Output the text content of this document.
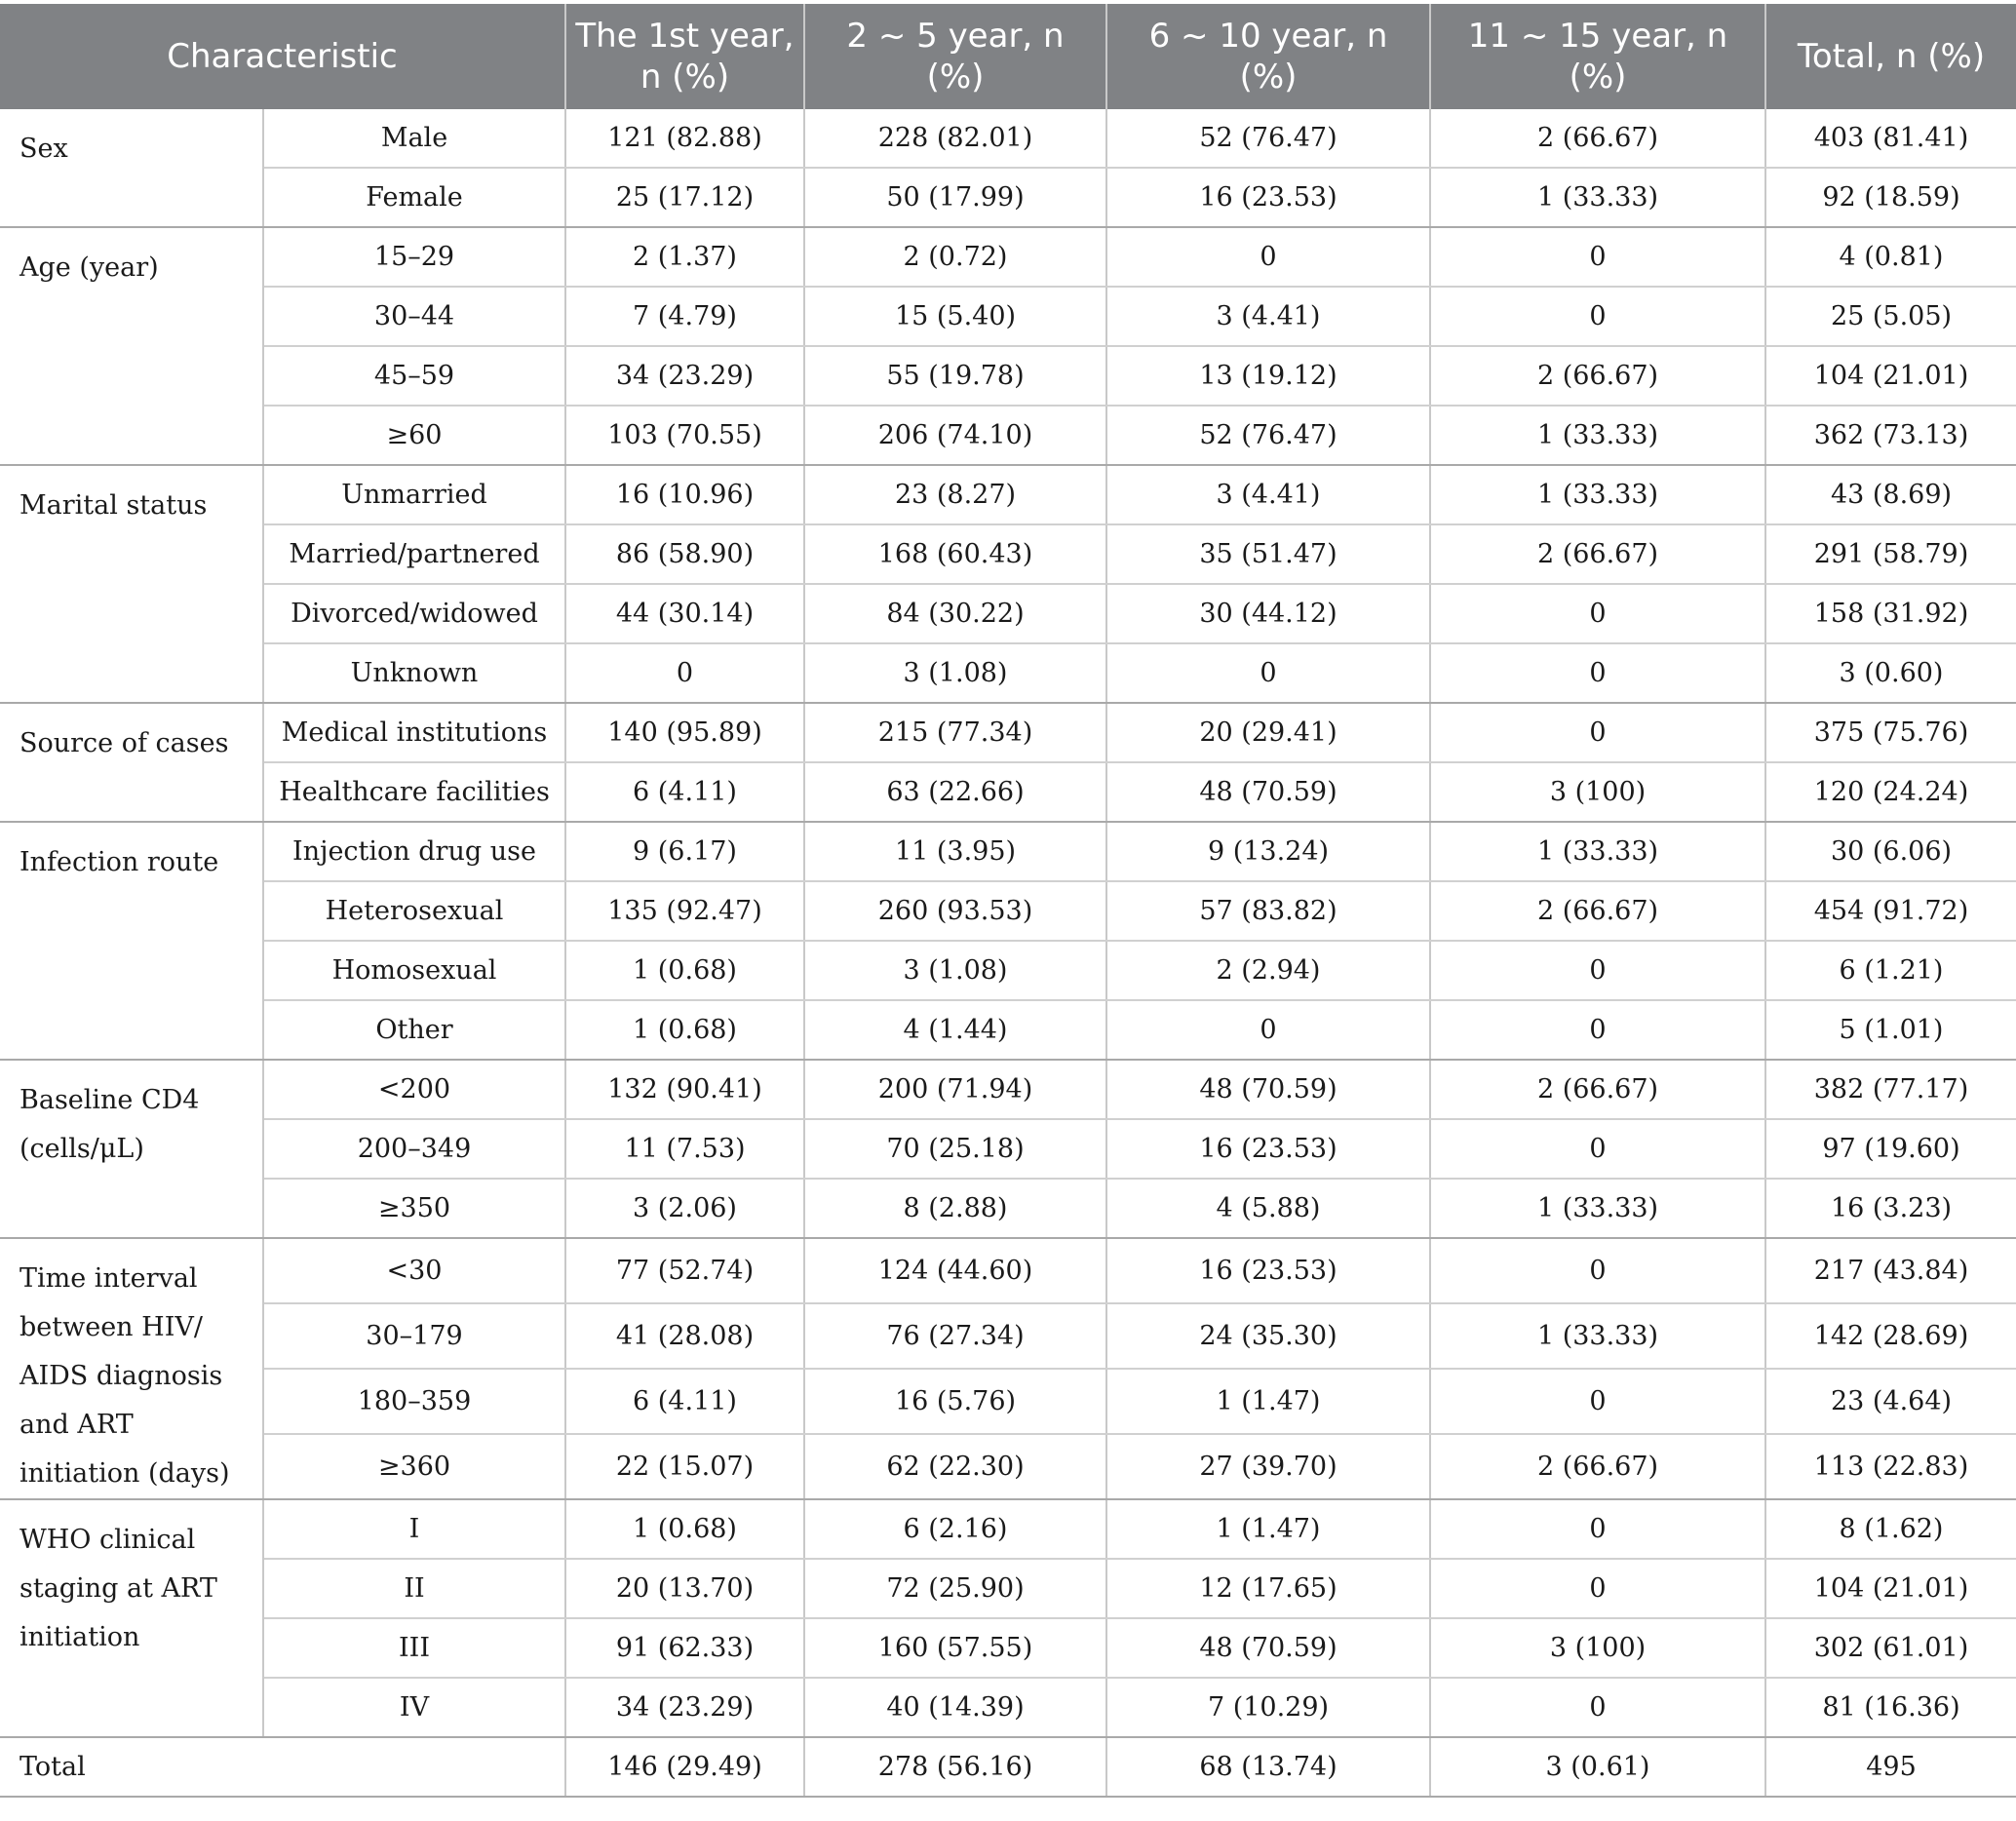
Characteristic		The 1st year, n (%)	2 ~ 5 year, n (%)	6 ~ 10 year, n (%)	11 ~ 15 year, n (%)	Total, n (%)
Sex	Male	121 (82.88)	228 (82.01)	52 (76.47)	2 (66.67)	403 (81.41)
	Female	25 (17.12)	50 (17.99)	16 (23.53)	1 (33.33)	92 (18.59)
Age (year)	15–29	2 (1.37)	2 (0.72)	0	0	4 (0.81)
	30–44	7 (4.79)	15 (5.40)	3 (4.41)	0	25 (5.05)
	45–59	34 (23.29)	55 (19.78)	13 (19.12)	2 (66.67)	104 (21.01)
	≥60	103 (70.55)	206 (74.10)	52 (76.47)	1 (33.33)	362 (73.13)
Marital status	Unmarried	16 (10.96)	23 (8.27)	3 (4.41)	1 (33.33)	43 (8.69)
	Married/partnered	86 (58.90)	168 (60.43)	35 (51.47)	2 (66.67)	291 (58.79)
	Divorced/widowed	44 (30.14)	84 (30.22)	30 (44.12)	0	158 (31.92)
	Unknown	0	3 (1.08)	0	0	3 (0.60)
Source of cases	Medical institutions	140 (95.89)	215 (77.34)	20 (29.41)	0	375 (75.76)
	Healthcare facilities	6 (4.11)	63 (22.66)	48 (70.59)	3 (100)	120 (24.24)
Infection route	Injection drug use	9 (6.17)	11 (3.95)	9 (13.24)	1 (33.33)	30 (6.06)
	Heterosexual	135 (92.47)	260 (93.53)	57 (83.82)	2 (66.67)	454 (91.72)
	Homosexual	1 (0.68)	3 (1.08)	2 (2.94)	0	6 (1.21)
	Other	1 (0.68)	4 (1.44)	0	0	5 (1.01)
Baseline CD4 (cells/μL)	<200	132 (90.41)	200 (71.94)	48 (70.59)	2 (66.67)	382 (77.17)
	200–349	11 (7.53)	70 (25.18)	16 (23.53)	0	97 (19.60)
	≥350	3 (2.06)	8 (2.88)	4 (5.88)	1 (33.33)	16 (3.23)
Time interval between HIV/ AIDS diagnosis and ART initiation (days)	<30	77 (52.74)	124 (44.60)	16 (23.53)	0	217 (43.84)
	30–179	41 (28.08)	76 (27.34)	24 (35.30)	1 (33.33)	142 (28.69)
	180–359	6 (4.11)	16 (5.76)	1 (1.47)	0	23 (4.64)
	≥360	22 (15.07)	62 (22.30)	27 (39.70)	2 (66.67)	113 (22.83)
WHO clinical staging at ART initiation	I	1 (0.68)	6 (2.16)	1 (1.47)	0	8 (1.62)
	II	20 (13.70)	72 (25.90)	12 (17.65)	0	104 (21.01)
	III	91 (62.33)	160 (57.55)	48 (70.59)	3 (100)	302 (61.01)
	IV	34 (23.29)	40 (14.39)	7 (10.29)	0	81 (16.36)
Total		146 (29.49)	278 (56.16)	68 (13.74)	3 (0.61)	495
